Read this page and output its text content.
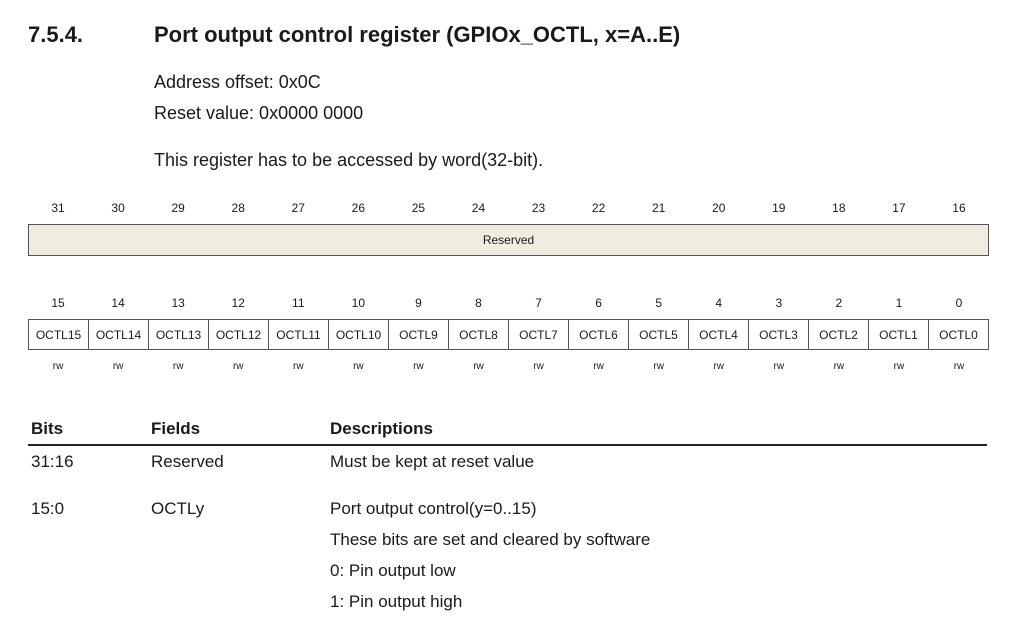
7.5.4.	Port output control register (GPIOx_OCTL, x=A..E)
Address offset: 0x0C
Reset value: 0x0000 0000
This register has to be accessed by word(32-bit).
31	30	29	28	27	26	25	24	23	22	21	20	19	18	17	16
Reserved
15	14	13	12	11	10	9	8	7	6	5	4	3	2	1	0
OCTL15	OCTL14	OCTL13	OCTL12	OCTL11	OCTL10	OCTL9	OCTL8	OCTL7	OCTL6	OCTL5	OCTL4	OCTL3	OCTL2	OCTL1	OCTL0
rw	rw	rw	rw	rw	rw	rw	rw	rw	rw	rw	rw	rw	rw	rw	rw
Bits	Fields	Descriptions
31:16	Reserved	Must be kept at reset value
15:0	OCTLy	Port output control(y=0..15)
These bits are set and cleared by software
0: Pin output low
1: Pin output high
